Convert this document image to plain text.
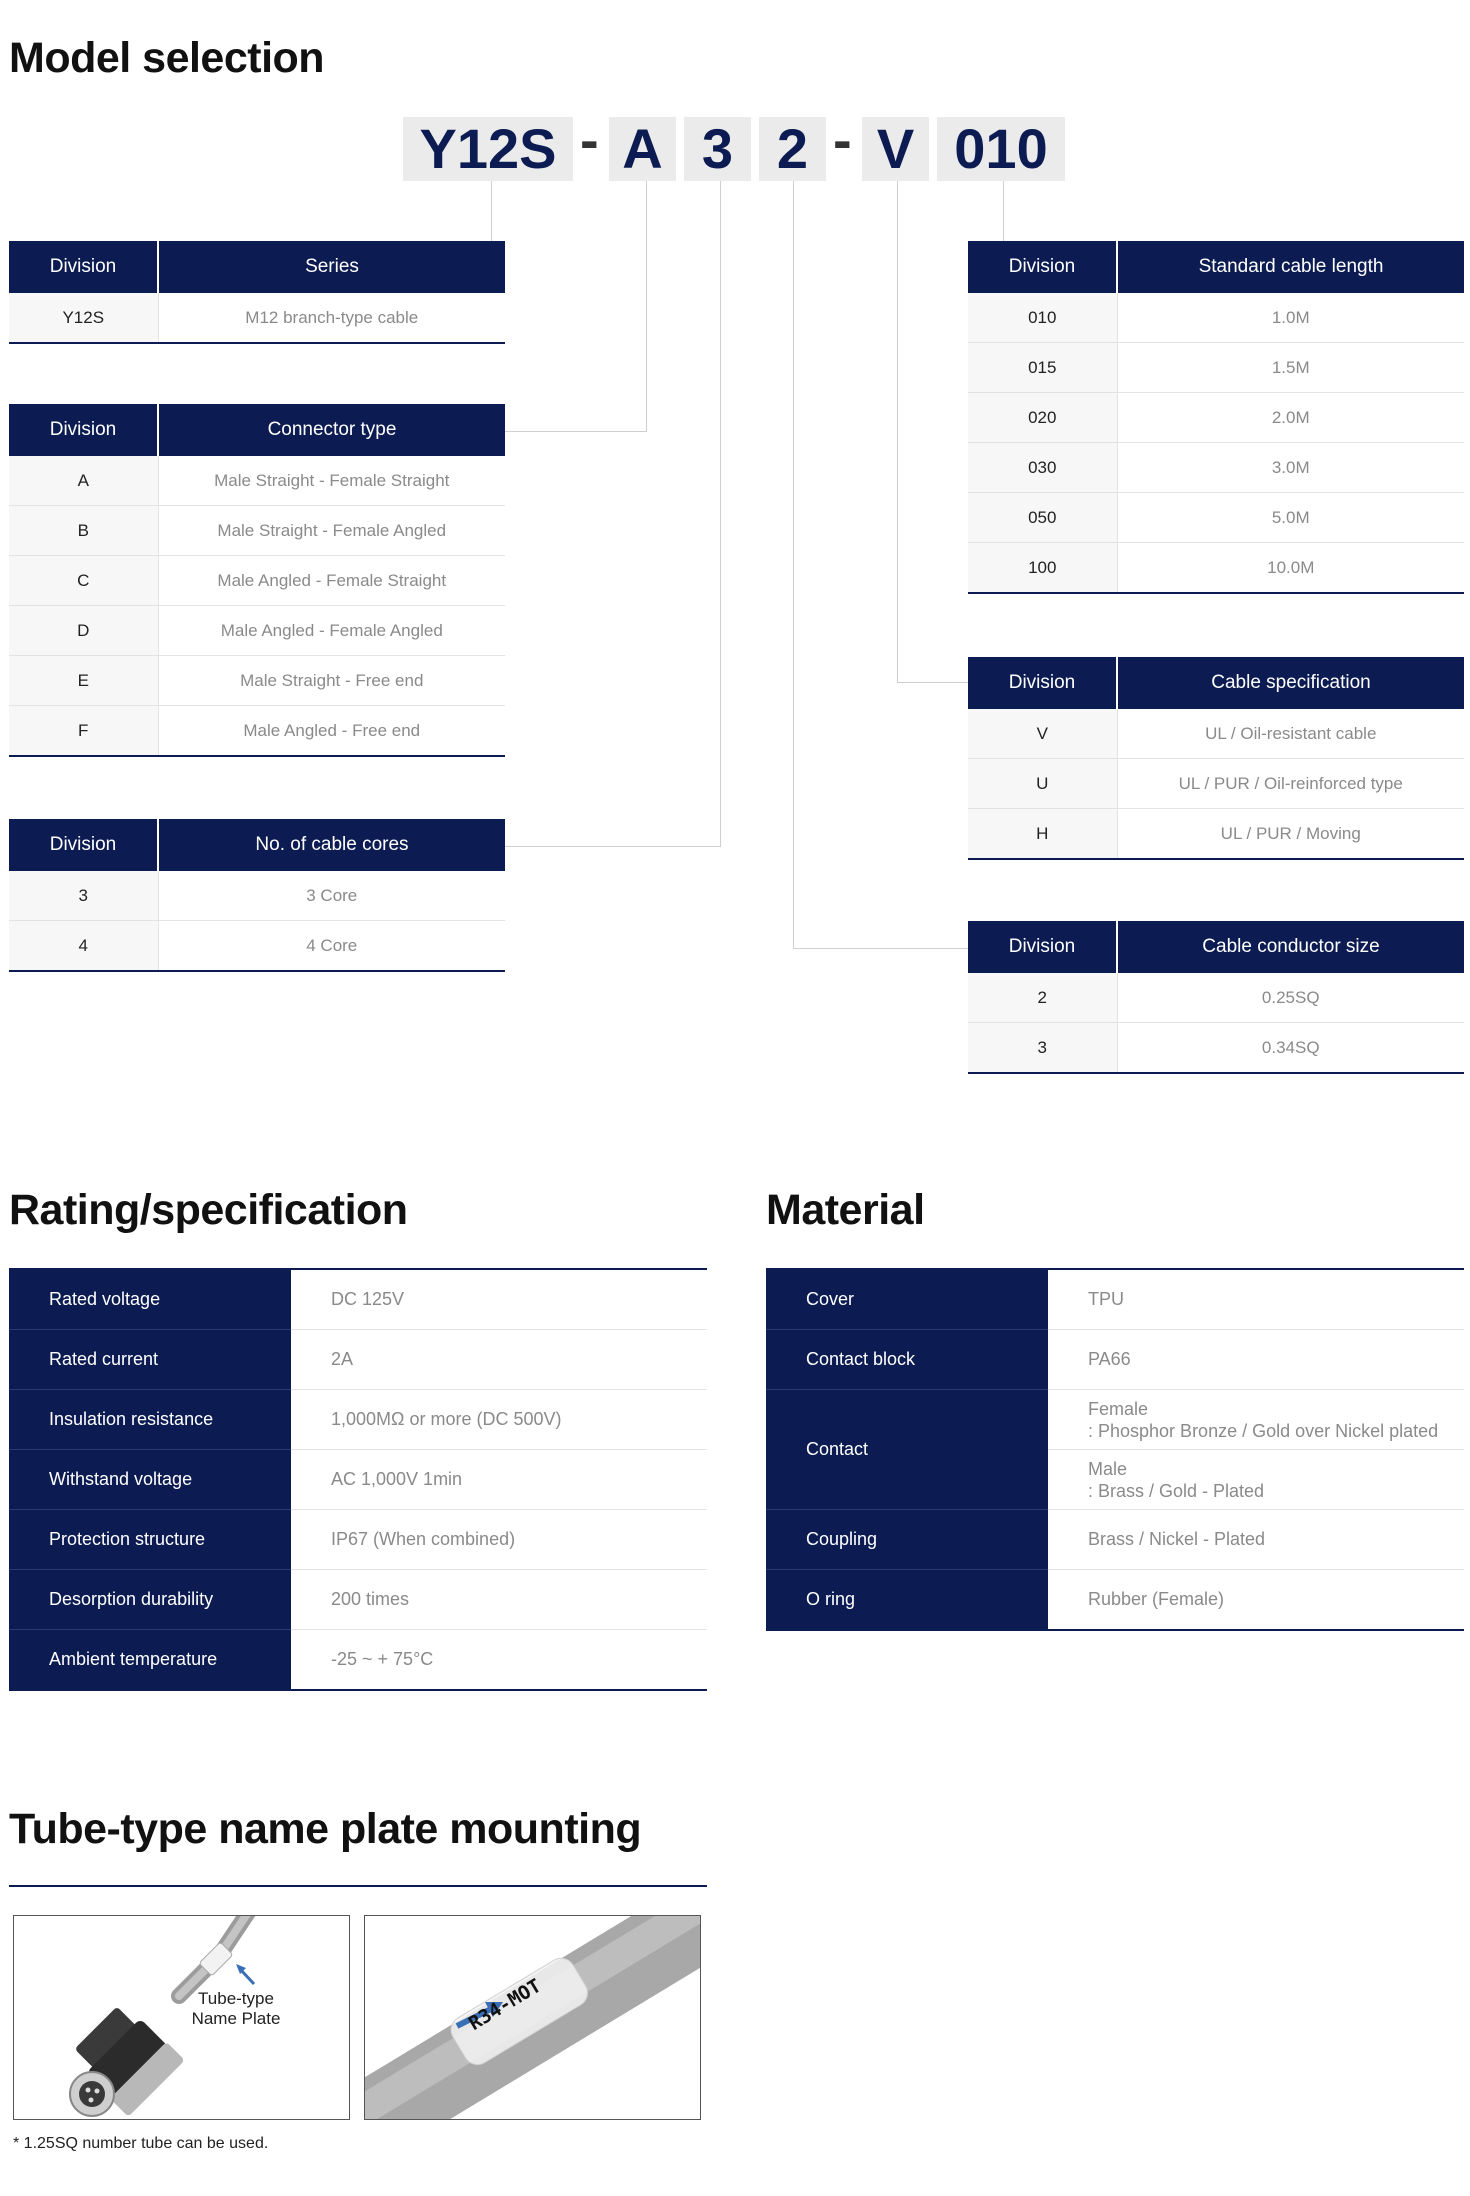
Model selection
Y12S - A 3 2 - V 010
Division	Series
Y12S	M12 branch-type cable
Division	Connector type
A	Male Straight - Female Straight
B	Male Straight - Female Angled
C	Male Angled - Female Straight
D	Male Angled - Female Angled
E	Male Straight - Free end
F	Male Angled - Free end
Division	No. of cable cores
3	3 Core
4	4 Core
Division	Standard cable length
010	1.0M
015	1.5M
020	2.0M
030	3.0M
050	5.0M
100	10.0M
Division	Cable specification
V	UL / Oil-resistant cable
U	UL / PUR / Oil-reinforced type
H	UL / PUR / Moving
Division	Cable conductor size
2	0.25SQ
3	0.34SQ
Rating/specification
Rated voltage	DC 125V
Rated current	2A
Insulation resistance	1,000MΩ or more (DC 500V)
Withstand voltage	AC 1,000V 1min
Protection structure	IP67 (When combined)
Desorption durability	200 times
Ambient temperature	-25 ~ + 75°C
Material
Cover	TPU
Contact block	PA66
Contact	Female
: Phosphor Bronze / Gold over Nickel plated

	Male
: Brass / Gold - Plated

Coupling	Brass / Nickel - Plated
O ring	Rubber (Female)
Tube-type name plate mounting
Tube-type
Name Plate	R34-MOT
* 1.25SQ number tube can be used.
